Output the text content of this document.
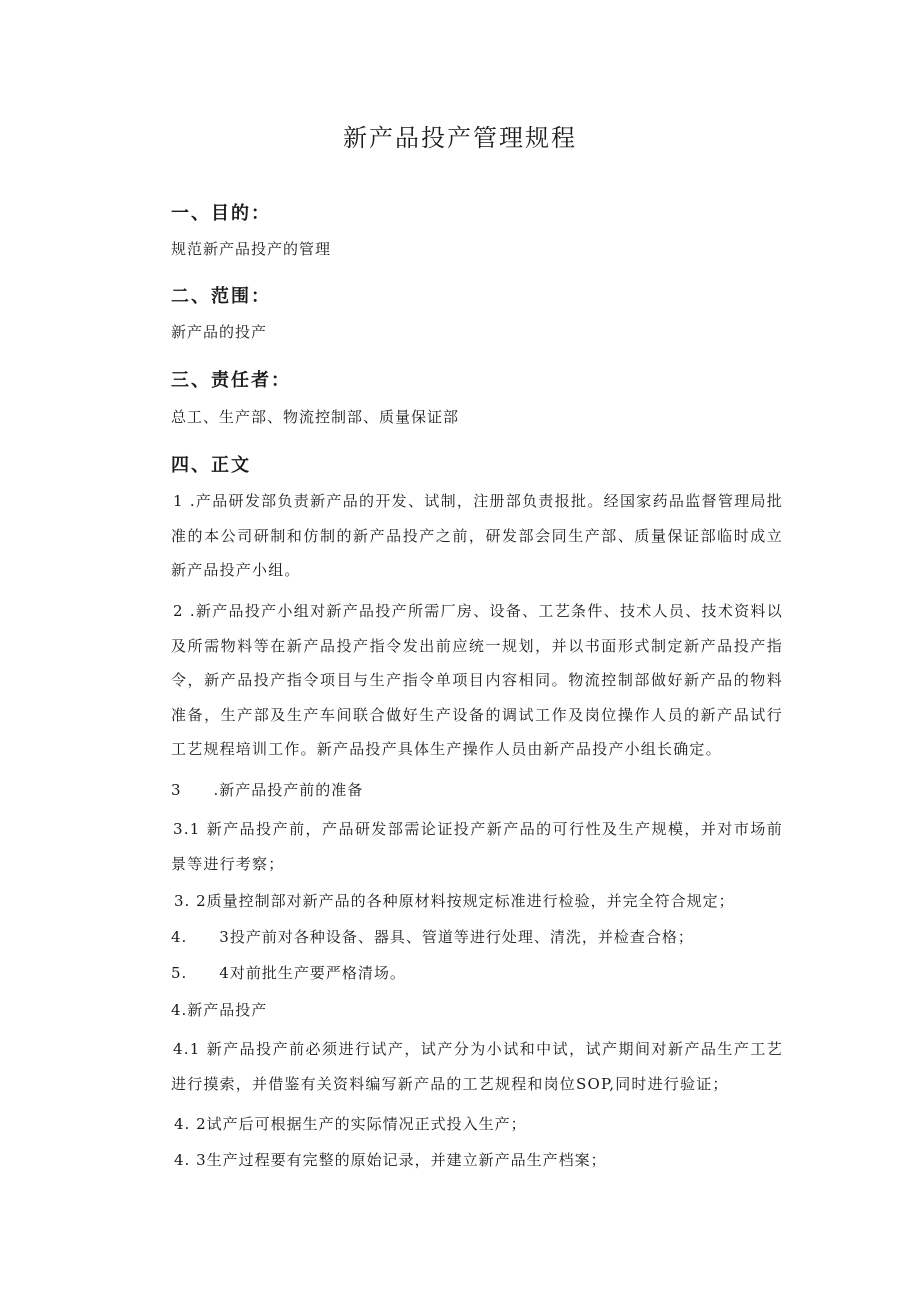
新产品投产管理规程
一、目的：
规范新产品投产的管理
二、范围：
新产品的投产
三、责任者：
总工、生产部、物流控制部、质量保证部
四、正文
1 .产品研发部负责新产品的开发、试制，注册部负责报批。经国家药品监督管理局批准的本公司研制和仿制的新产品投产之前，研发部会同生产部、质量保证部临时成立新产品投产小组。
2 .新产品投产小组对新产品投产所需厂房、设备、工艺条件、技术人员、技术资料以及所需物料等在新产品投产指令发出前应统一规划，并以书面形式制定新产品投产指令，新产品投产指令项目与生产指令单项目内容相同。物流控制部做好新产品的物料准备，生产部及生产车间联合做好生产设备的调试工作及岗位操作人员的新产品试行工艺规程培训工作。新产品投产具体生产操作人员由新产品投产小组长确定。
3　　.新产品投产前的准备
3.1 新产品投产前，产品研发部需论证投产新产品的可行性及生产规模，并对市场前景等进行考察；
3. 2质量控制部对新产品的各种原材料按规定标准进行检验，并完全符合规定；
4.　　3投产前对各种设备、器具、管道等进行处理、清洗，并检查合格；
5.　　4对前批生产要严格清场。
4.新产品投产
4.1 新产品投产前必须进行试产，试产分为小试和中试，试产期间对新产品生产工艺进行摸索，并借鉴有关资料编写新产品的工艺规程和岗位SOP,同时进行验证；
4. 2试产后可根据生产的实际情况正式投入生产；
4. 3生产过程要有完整的原始记录，并建立新产品生产档案；
